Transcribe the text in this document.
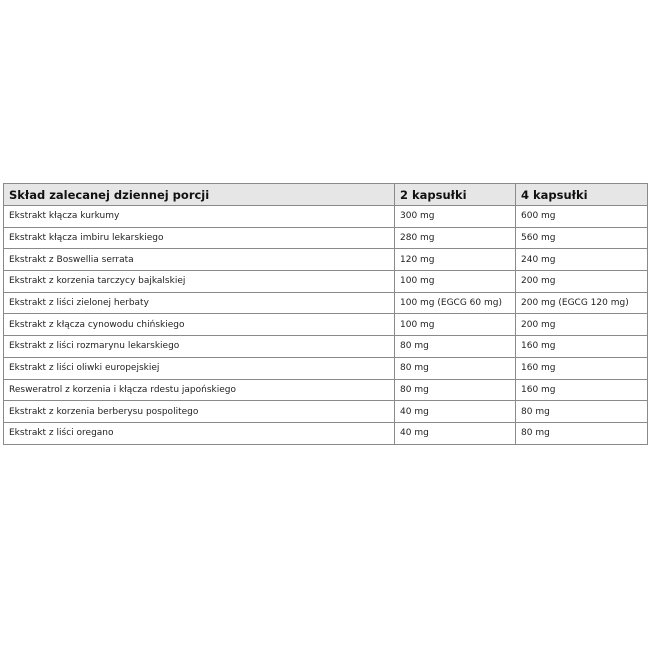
Skład zalecanej dziennej porcji	2 kapsułki	4 kapsułki
Ekstrakt kłącza kurkumy	300 mg	600 mg
Ekstrakt kłącza imbiru lekarskiego	280 mg	560 mg
Ekstrakt z Boswellia serrata	120 mg	240 mg
Ekstrakt z korzenia tarczycy bajkalskiej	100 mg	200 mg
Ekstrakt z liści zielonej herbaty	100 mg (EGCG 60 mg)	200 mg (EGCG 120 mg)
Ekstrakt z kłącza cynowodu chińskiego	100 mg	200 mg
Ekstrakt z liści rozmarynu lekarskiego	80 mg	160 mg
Ekstrakt z liści oliwki europejskiej	80 mg	160 mg
Resweratrol z korzenia i kłącza rdestu japońskiego	80 mg	160 mg
Ekstrakt z korzenia berberysu pospolitego	40 mg	80 mg
Ekstrakt z liści oregano	40 mg	80 mg
